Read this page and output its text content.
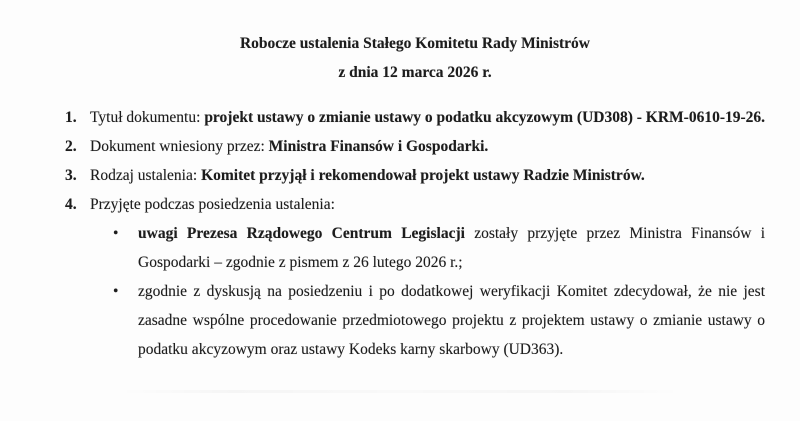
Robocze ustalenia Stałego Komitetu Rady Ministrów
z dnia 12 marca 2026 r.
1. Tytuł dokumentu: projekt ustawy o zmianie ustawy o podatku akcyzowym (UD308) - KRM-0610-19-26.
2. Dokument wniesiony przez: Ministra Finansów i Gospodarki.
3. Rodzaj ustalenia: Komitet przyjął i rekomendował projekt ustawy Radzie Ministrów.
4. Przyjęte podczas posiedzenia ustalenia:
•	uwagi Prezesa Rządowego Centrum Legislacji zostały przyjęte przez Ministra Finansów i Gospodarki – zgodnie z pismem z 26 lutego 2026 r.;
•	zgodnie z dyskusją na posiedzeniu i po dodatkowej weryfikacji Komitet zdecydował, że nie jest zasadne wspólne procedowanie przedmiotowego projektu z projektem ustawy o zmianie ustawy o podatku akcyzowym oraz ustawy Kodeks karny skarbowy (UD363).
